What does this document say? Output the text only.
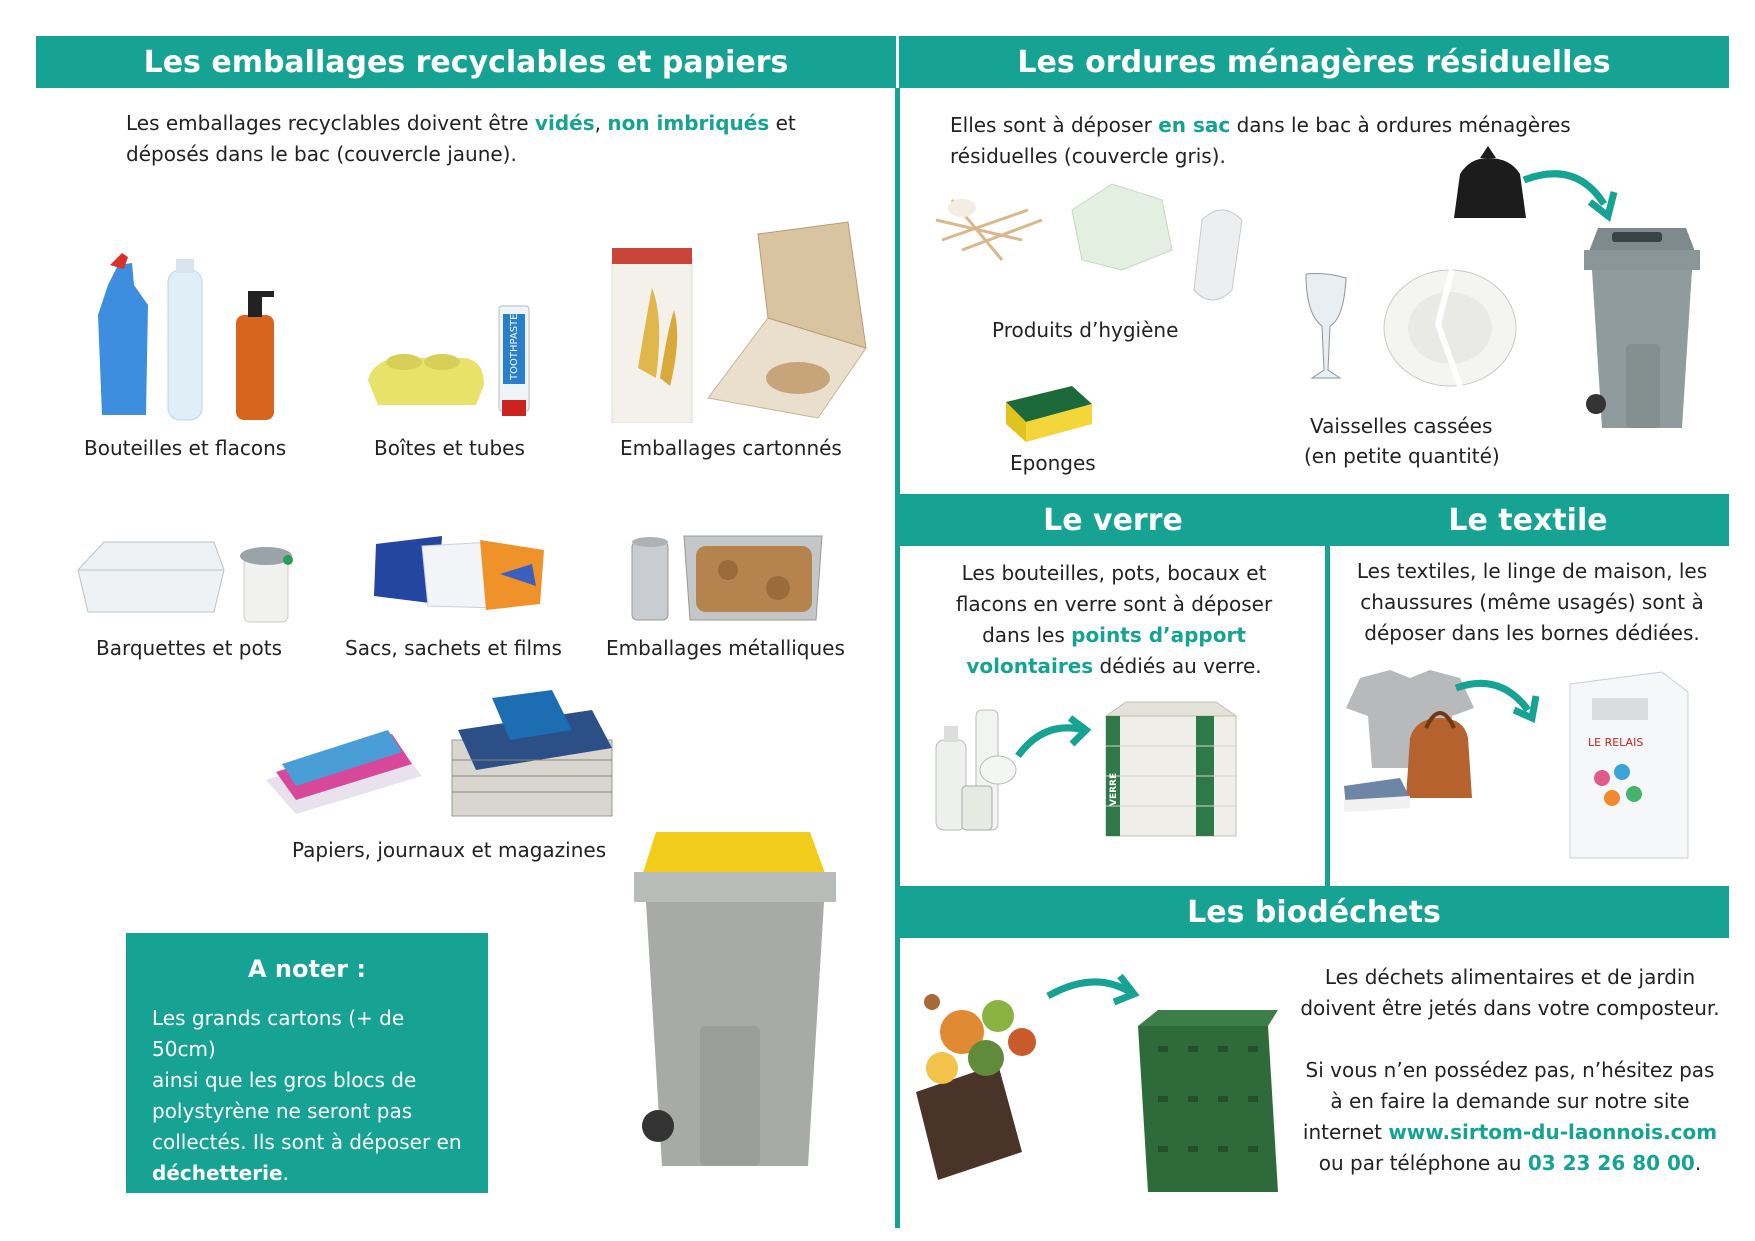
Les emballages recyclables et papiers	Les ordures ménagères résiduelles
Les emballages recyclables doivent être vidés, non imbriqués et
déposés dans le bac (couvercle jaune).
Bouteilles et flacons
TOOTHPASTE
Boîtes et tubes	Emballages cartonnés
Barquettes et pots	Sacs, sachets et films Emballages métalliques
Papiers, journaux et magazines
A noter :
Les grands cartons (+ de 50cm)
ainsi que les gros blocs de
polystyrène ne seront pas
collectés. Ils sont à déposer en
déchetterie.
Elles sont à déposer en sac dans le bac à ordures ménagères
résiduelles (couvercle gris).
Produits d’hygiène
Eponges
Vaisselles cassées
(en petite quantité)
Le verre	Le textile
Les bouteilles, pots, bocaux et
flacons en verre sont à déposer
dans les points d’apport
volontaires dédiés au verre.
VERRE
Les textiles, le linge de maison, les
chaussures (même usagés) sont à
déposer dans les bornes dédiées.
LE RELAIS
Les biodéchets
Les déchets alimentaires et de jardin
doivent être jetés dans votre composteur.
Si vous n’en possédez pas, n’hésitez pas
à en faire la demande sur notre site
internet www.sirtom-du-laonnois.com
ou par téléphone au 03 23 26 80 00.
